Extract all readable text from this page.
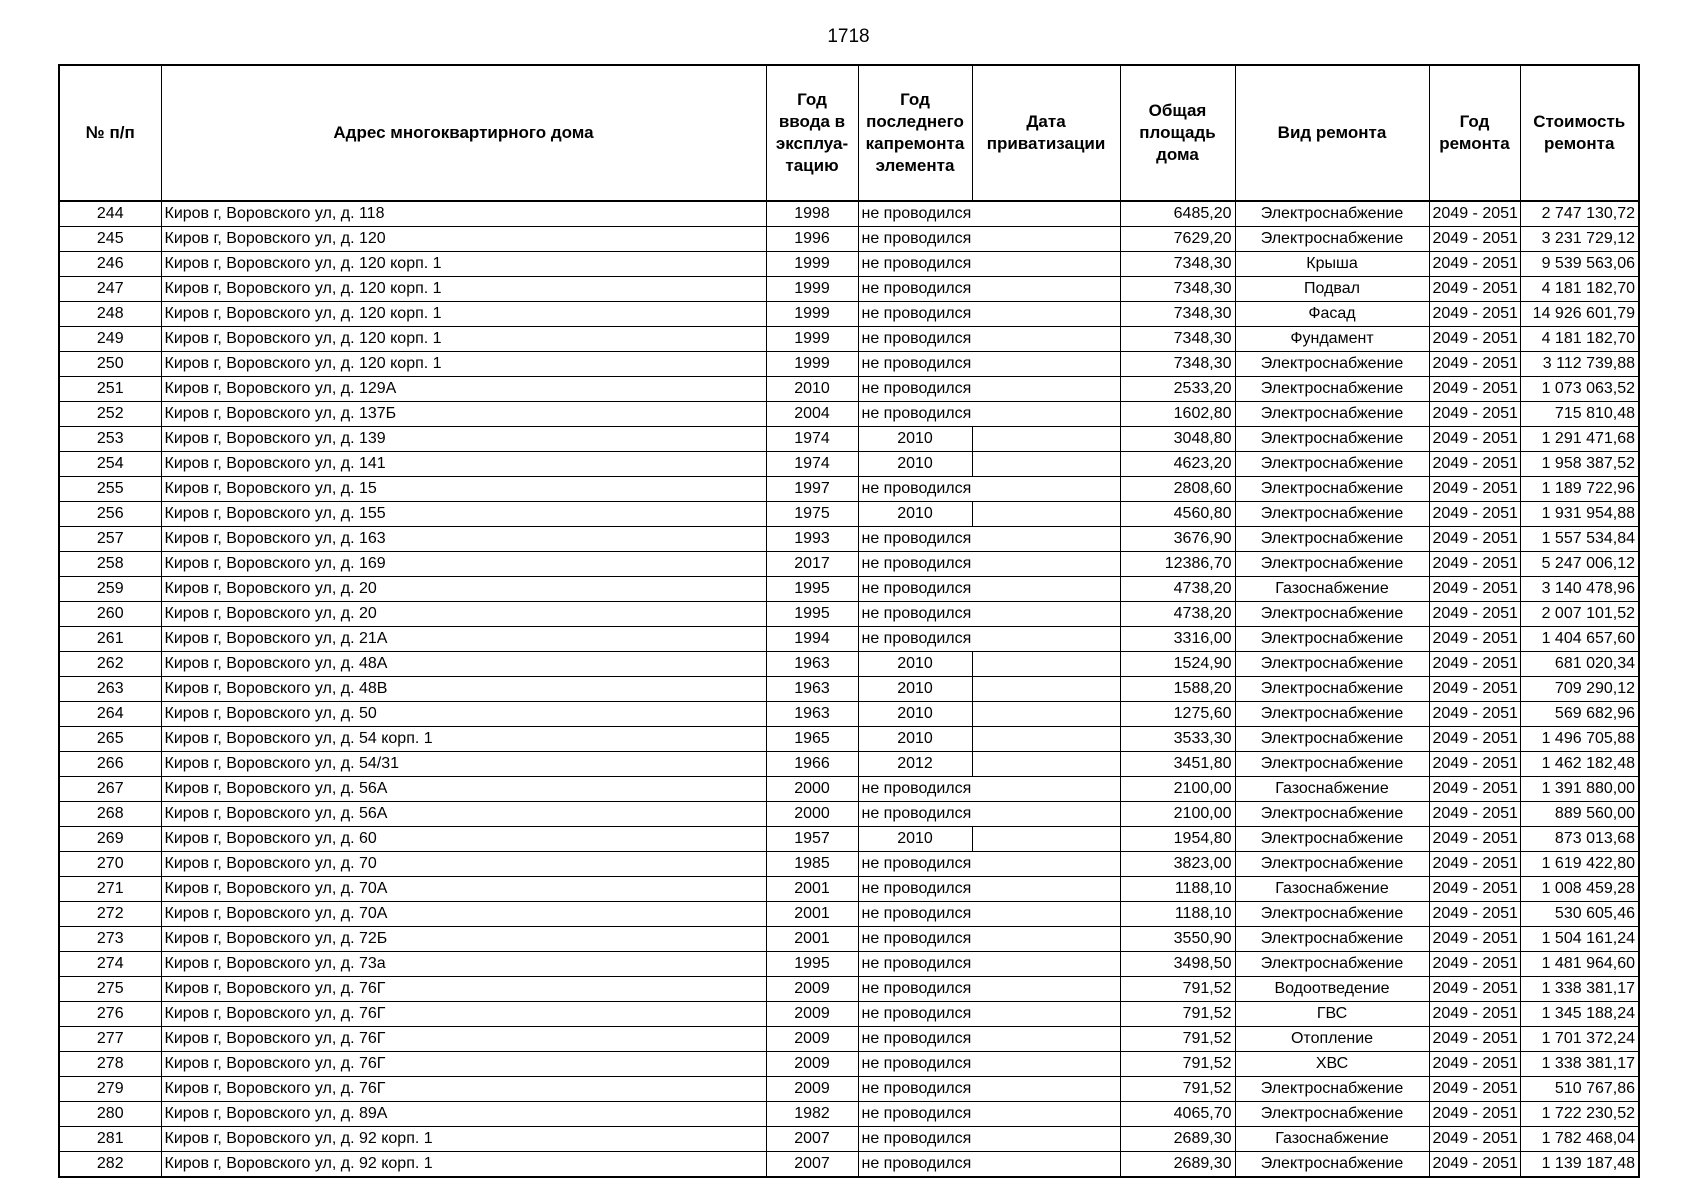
1718
№ п/п	Адрес многоквартирного дома	Год ввода в эксплуа-тацию	Год последнего капремонта элемента	Дата приватизации	Общая площадь дома	Вид ремонта	Год ремонта	Стоимость ремонта
244	Киров г, Воровского ул, д. 118	1998	не проводился		6485,20	Электроснабжение	2049 - 2051	2 747 130,72
245	Киров г, Воровского ул, д. 120	1996	не проводился		7629,20	Электроснабжение	2049 - 2051	3 231 729,12
246	Киров г, Воровского ул, д. 120 корп. 1	1999	не проводился		7348,30	Крыша	2049 - 2051	9 539 563,06
247	Киров г, Воровского ул, д. 120 корп. 1	1999	не проводился		7348,30	Подвал	2049 - 2051	4 181 182,70
248	Киров г, Воровского ул, д. 120 корп. 1	1999	не проводился		7348,30	Фасад	2049 - 2051	14 926 601,79
249	Киров г, Воровского ул, д. 120 корп. 1	1999	не проводился		7348,30	Фундамент	2049 - 2051	4 181 182,70
250	Киров г, Воровского ул, д. 120 корп. 1	1999	не проводился		7348,30	Электроснабжение	2049 - 2051	3 112 739,88
251	Киров г, Воровского ул, д. 129А	2010	не проводился		2533,20	Электроснабжение	2049 - 2051	1 073 063,52
252	Киров г, Воровского ул, д. 137Б	2004	не проводился		1602,80	Электроснабжение	2049 - 2051	715 810,48
253	Киров г, Воровского ул, д. 139	1974	2010		3048,80	Электроснабжение	2049 - 2051	1 291 471,68
254	Киров г, Воровского ул, д. 141	1974	2010		4623,20	Электроснабжение	2049 - 2051	1 958 387,52
255	Киров г, Воровского ул, д. 15	1997	не проводился		2808,60	Электроснабжение	2049 - 2051	1 189 722,96
256	Киров г, Воровского ул, д. 155	1975	2010		4560,80	Электроснабжение	2049 - 2051	1 931 954,88
257	Киров г, Воровского ул, д. 163	1993	не проводился		3676,90	Электроснабжение	2049 - 2051	1 557 534,84
258	Киров г, Воровского ул, д. 169	2017	не проводился		12386,70	Электроснабжение	2049 - 2051	5 247 006,12
259	Киров г, Воровского ул, д. 20	1995	не проводился		4738,20	Газоснабжение	2049 - 2051	3 140 478,96
260	Киров г, Воровского ул, д. 20	1995	не проводился		4738,20	Электроснабжение	2049 - 2051	2 007 101,52
261	Киров г, Воровского ул, д. 21А	1994	не проводился		3316,00	Электроснабжение	2049 - 2051	1 404 657,60
262	Киров г, Воровского ул, д. 48А	1963	2010		1524,90	Электроснабжение	2049 - 2051	681 020,34
263	Киров г, Воровского ул, д. 48В	1963	2010		1588,20	Электроснабжение	2049 - 2051	709 290,12
264	Киров г, Воровского ул, д. 50	1963	2010		1275,60	Электроснабжение	2049 - 2051	569 682,96
265	Киров г, Воровского ул, д. 54 корп. 1	1965	2010		3533,30	Электроснабжение	2049 - 2051	1 496 705,88
266	Киров г, Воровского ул, д. 54/31	1966	2012		3451,80	Электроснабжение	2049 - 2051	1 462 182,48
267	Киров г, Воровского ул, д. 56А	2000	не проводился		2100,00	Газоснабжение	2049 - 2051	1 391 880,00
268	Киров г, Воровского ул, д. 56А	2000	не проводился		2100,00	Электроснабжение	2049 - 2051	889 560,00
269	Киров г, Воровского ул, д. 60	1957	2010		1954,80	Электроснабжение	2049 - 2051	873 013,68
270	Киров г, Воровского ул, д. 70	1985	не проводился		3823,00	Электроснабжение	2049 - 2051	1 619 422,80
271	Киров г, Воровского ул, д. 70А	2001	не проводился		1188,10	Газоснабжение	2049 - 2051	1 008 459,28
272	Киров г, Воровского ул, д. 70А	2001	не проводился		1188,10	Электроснабжение	2049 - 2051	530 605,46
273	Киров г, Воровского ул, д. 72Б	2001	не проводился		3550,90	Электроснабжение	2049 - 2051	1 504 161,24
274	Киров г, Воровского ул, д. 73а	1995	не проводился		3498,50	Электроснабжение	2049 - 2051	1 481 964,60
275	Киров г, Воровского ул, д. 76Г	2009	не проводился		791,52	Водоотведение	2049 - 2051	1 338 381,17
276	Киров г, Воровского ул, д. 76Г	2009	не проводился		791,52	ГВС	2049 - 2051	1 345 188,24
277	Киров г, Воровского ул, д. 76Г	2009	не проводился		791,52	Отопление	2049 - 2051	1 701 372,24
278	Киров г, Воровского ул, д. 76Г	2009	не проводился		791,52	ХВС	2049 - 2051	1 338 381,17
279	Киров г, Воровского ул, д. 76Г	2009	не проводился		791,52	Электроснабжение	2049 - 2051	510 767,86
280	Киров г, Воровского ул, д. 89А	1982	не проводился		4065,70	Электроснабжение	2049 - 2051	1 722 230,52
281	Киров г, Воровского ул, д. 92 корп. 1	2007	не проводился		2689,30	Газоснабжение	2049 - 2051	1 782 468,04
282	Киров г, Воровского ул, д. 92 корп. 1	2007	не проводился		2689,30	Электроснабжение	2049 - 2051	1 139 187,48
